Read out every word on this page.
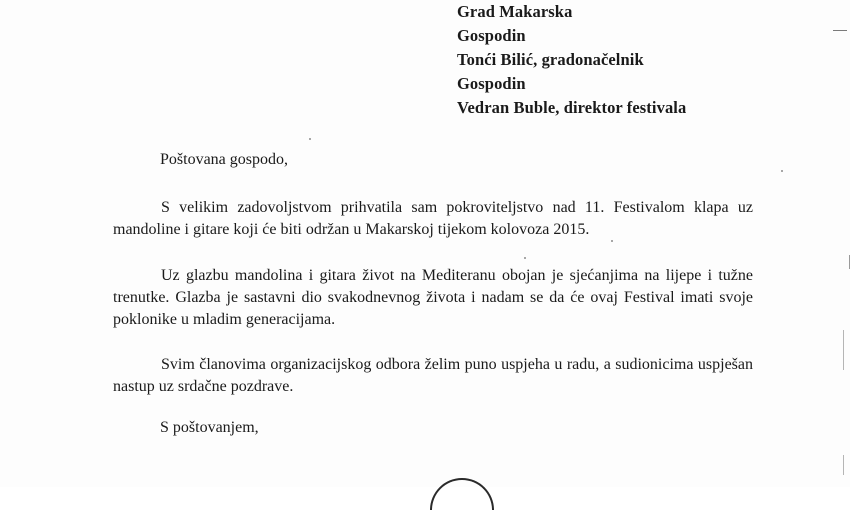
Grad Makarska
Gospodin
Tonći Bilić, gradonačelnik
Gospodin
Vedran Buble, direktor festivala
Poštovana gospodo,
S velikim zadovoljstvom prihvatila sam pokroviteljstvo nad 11. Festivalom klapa uz mandoline i gitare koji će biti održan u Makarskoj tijekom kolovoza 2015.
Uz glazbu mandolina i gitara život na Mediteranu obojan je sjećanjima na lijepe i tužne trenutke. Glazba je sastavni dio svakodnevnog života i nadam se da će ovaj Festival imati svoje poklonike u mladim generacijama.
Svim članovima organizacijskog odbora želim puno uspjeha u radu, a sudionicima uspješan nastup uz srdačne pozdrave.
S poštovanjem,
